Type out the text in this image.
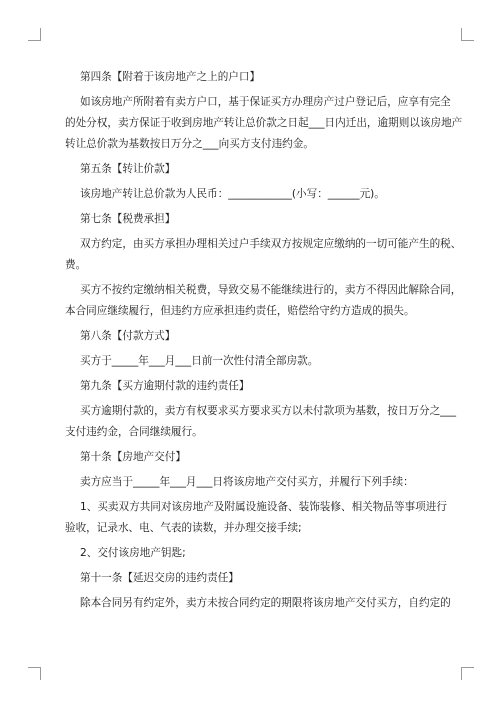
第四条【附着于该房地产之上的户口】
如该房地产所附着有卖方户口，基于保证买方办理房产过户登记后，应享有完全
的处分权，卖方保证于收到房地产转让总价款之日起___日内迁出，逾期则以该房地产
转让总价款为基数按日万分之___向买方支付违约金。
第五条【转让价款】
该房地产转让总价款为人民币：____________(小写：______元)。
第七条【税费承担】
双方约定，由买方承担办理相关过户手续双方按规定应缴纳的一切可能产生的税、
费。
买方不按约定缴纳相关税费，导致交易不能继续进行的，卖方不得因此解除合同，
本合同应继续履行，但违约方应承担违约责任，赔偿给守约方造成的损失。
第八条【付款方式】
买方于_____年___月___日前一次性付清全部房款。
第九条【买方逾期付款的违约责任】
买方逾期付款的，卖方有权要求买方要求买方以未付款项为基数，按日万分之___
支付违约金，合同继续履行。
第十条【房地产交付】
卖方应当于_____年___月___日将该房地产交付买方，并履行下列手续：
1、买卖双方共同对该房地产及附属设施设备、装饰装修、相关物品等事项进行
验收，记录水、电、气表的读数，并办理交接手续;
2、交付该房地产钥匙;
第十一条【延迟交房的违约责任】
除本合同另有约定外，卖方未按合同约定的期限将该房地产交付买方，自约定的
